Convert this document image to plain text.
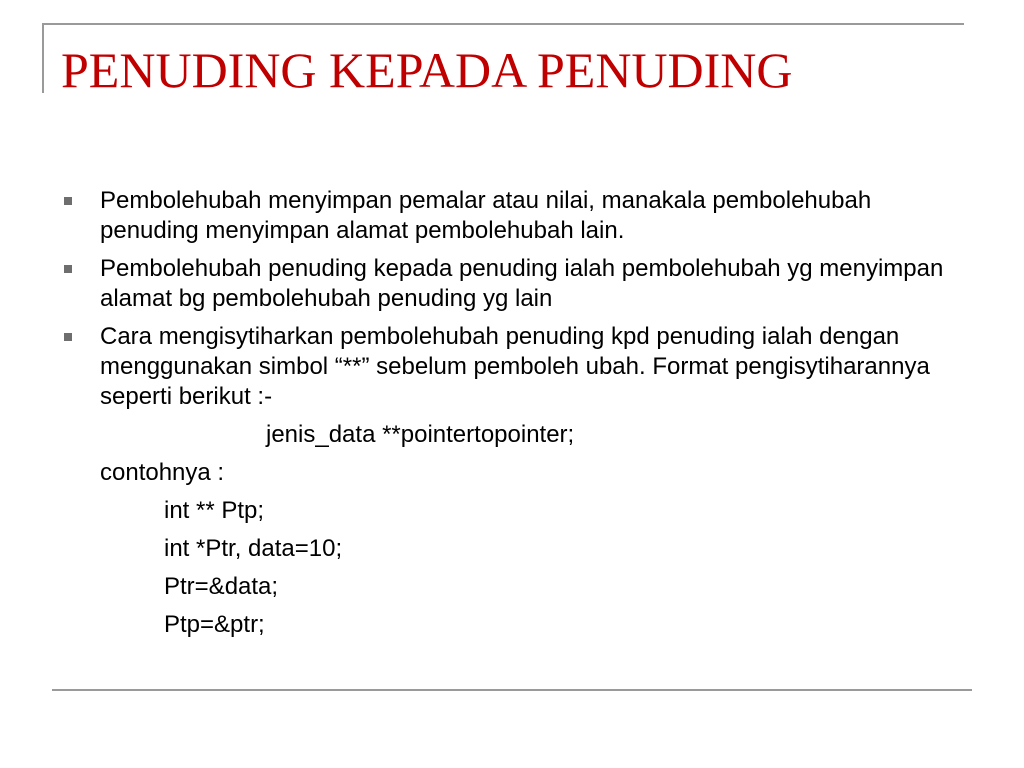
PENUDING KEPADA PENUDING
Pembolehubah menyimpan pemalar atau nilai, manakala pembolehubah penuding menyimpan alamat pembolehubah lain.
Pembolehubah penuding kepada penuding ialah pembolehubah yg menyimpan alamat bg pembolehubah penuding yg lain
Cara mengisytiharkan pembolehubah penuding kpd penuding ialah dengan menggunakan simbol “**” sebelum pemboleh ubah. Format pengisytiharannya seperti berikut :-
jenis_data **pointertopointer;
contohnya :
int ** Ptp;
int *Ptr, data=10;
Ptr=&data;
Ptp=&ptr;
